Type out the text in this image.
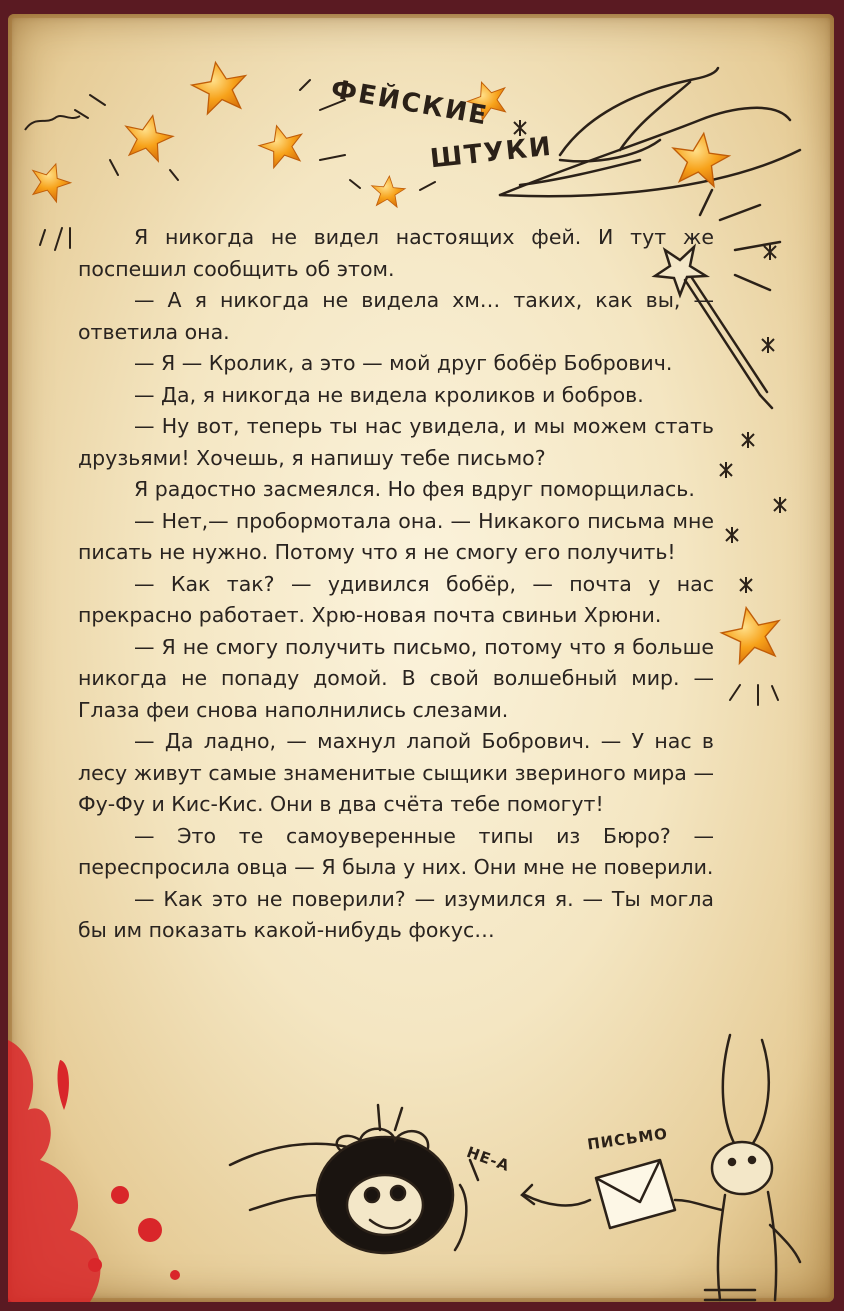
ФЕЙСКИЕ
ШТУКИ
НЕ-А
ПИСЬМО

Я никогда не видел настоящих фей. И тут же поспешил сообщить об этом.

— А я никогда не видела хм… таких, как вы, — ответила она.

— Я — Кролик, а это — мой друг бобёр Бобрович.

— Да, я никогда не видела кроликов и бобров.

— Ну вот, теперь ты нас увидела, и мы можем стать друзьями! Хочешь, я напишу тебе письмо?

Я радостно засмеялся. Но фея вдруг поморщилась.

— Нет,— пробормотала она. — Никакого письма мне писать не нужно. Потому что я не смогу его получить!

— Как так? — удивился бобёр, — почта у нас прекрасно работает. Хрю-новая почта свиньи Хрюни.

— Я не смогу получить письмо, потому что я больше никогда не попаду домой. В свой волшебный мир. — Глаза феи снова наполнились слезами.

— Да ладно, — махнул лапой Бобрович. — У нас в лесу живут самые знаменитые сыщики звериного мира — Фу-Фу и Кис-Кис. Они в два счёта тебе помогут!

— Это те самоуверенные типы из Бюро? — переспросила овца — Я была у них. Они мне не поверили.

— Как это не поверили? — изумился я. — Ты могла бы им показать какой-нибудь фокус…
